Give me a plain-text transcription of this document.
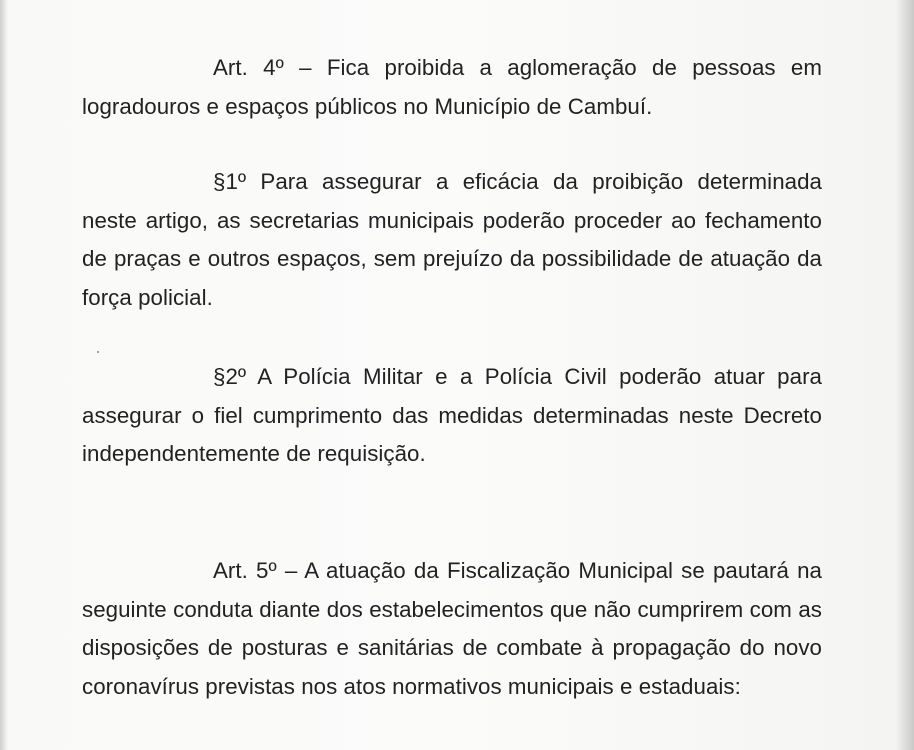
Art. 4º – Fica proibida a aglomeração de pessoas em logradouros e espaços públicos no Município de Cambuí.

§1º Para assegurar a eficácia da proibição determinada neste artigo, as secretarias municipais poderão proceder ao fechamento de praças e outros espaços, sem prejuízo da possibilidade de atuação da força policial.

§2º A Polícia Militar e a Polícia Civil poderão atuar para assegurar o fiel cumprimento das medidas determinadas neste Decreto independentemente de requisição.

Art. 5º – A atuação da Fiscalização Municipal se pautará na seguinte conduta diante dos estabelecimentos que não cumprirem com as disposições de posturas e sanitárias de combate à propagação do novo coronavírus previstas nos atos normativos municipais e estaduais:
